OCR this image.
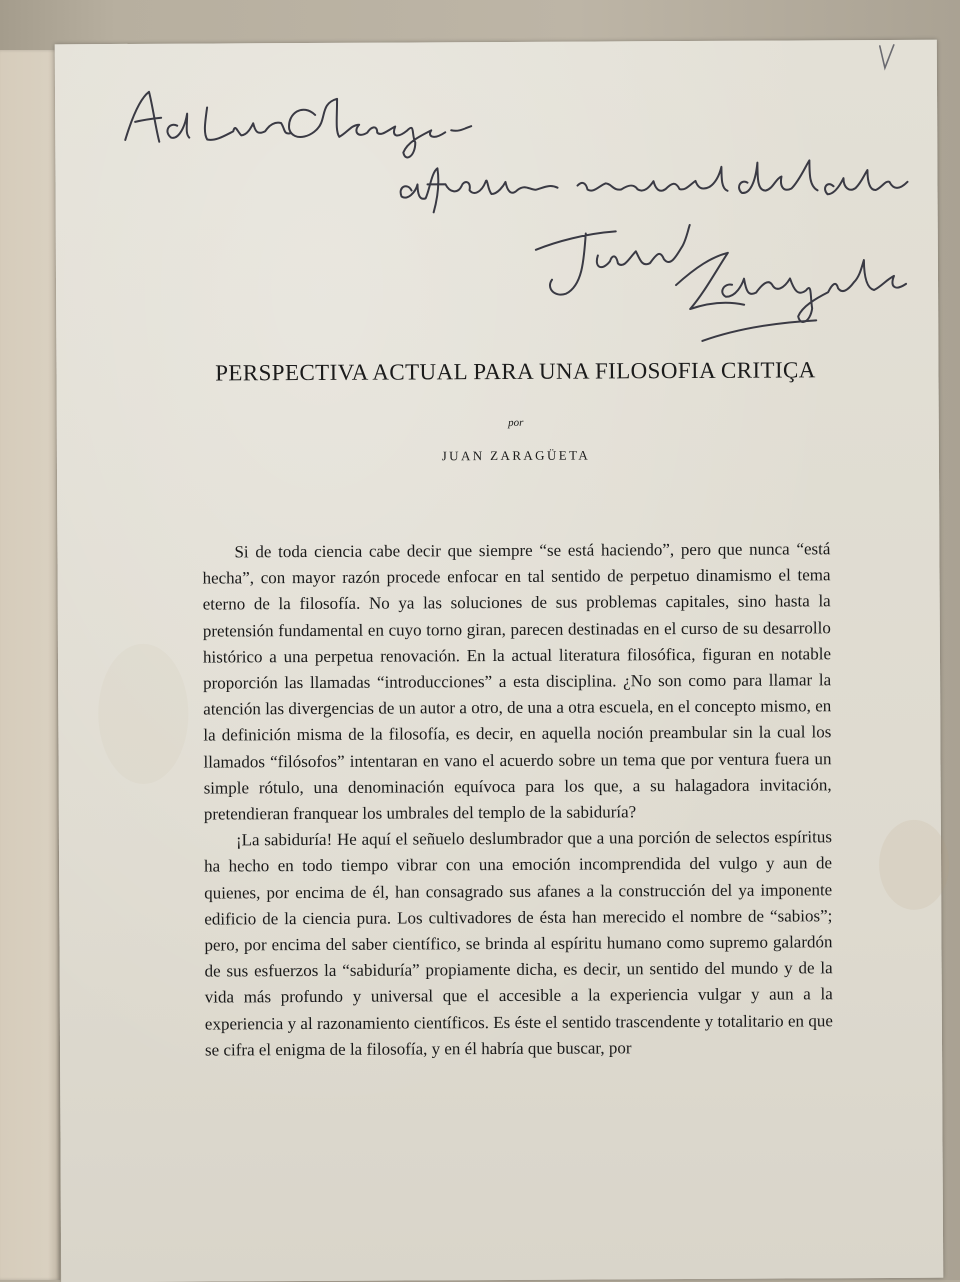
PERSPECTIVA ACTUAL PARA UNA FILOSOFIA CRITIÇA
por
JUAN ZARAGÜETA

Si de toda ciencia cabe decir que siempre “se está haciendo”, pero que nunca “está hecha”, con mayor razón procede enfocar en tal sentido de perpetuo dinamismo el tema eterno de la filosofía. No ya las soluciones de sus problemas capitales, sino hasta la pretensión fundamental en cuyo torno giran, parecen destinadas en el curso de su desarrollo histórico a una perpetua renovación. En la actual literatura filosófica, figuran en notable proporción las llamadas “introducciones” a esta disciplina. ¿No son como para llamar la atención las divergencias de un autor a otro, de una a otra escuela, en el concepto mismo, en la definición misma de la filosofía, es decir, en aquella noción preambular sin la cual los llamados “filósofos” intentaran en vano el acuerdo sobre un tema que por ventura fuera un simple rótulo, una denominación equívoca para los que, a su halagadora invitación, pretendieran franquear los umbrales del templo de la sabiduría?

¡La sabiduría! He aquí el señuelo deslumbrador que a una porción de selectos espíritus ha hecho en todo tiempo vibrar con una emoción incomprendida del vulgo y aun de quienes, por encima de él, han consagrado sus afanes a la construcción del ya imponente edificio de la ciencia pura. Los cultivadores de ésta han merecido el nombre de “sabios”; pero, por encima del saber científico, se brinda al espíritu humano como supremo galardón de sus esfuerzos la “sabiduría” propiamente dicha, es decir, un sentido del mundo y de la vida más profundo y universal que el accesible a la experiencia vulgar y aun a la experiencia y al razonamiento científicos. Es éste el sentido trascendente y totalitario en que se cifra el enigma de la filosofía, y en él habría que buscar, por
